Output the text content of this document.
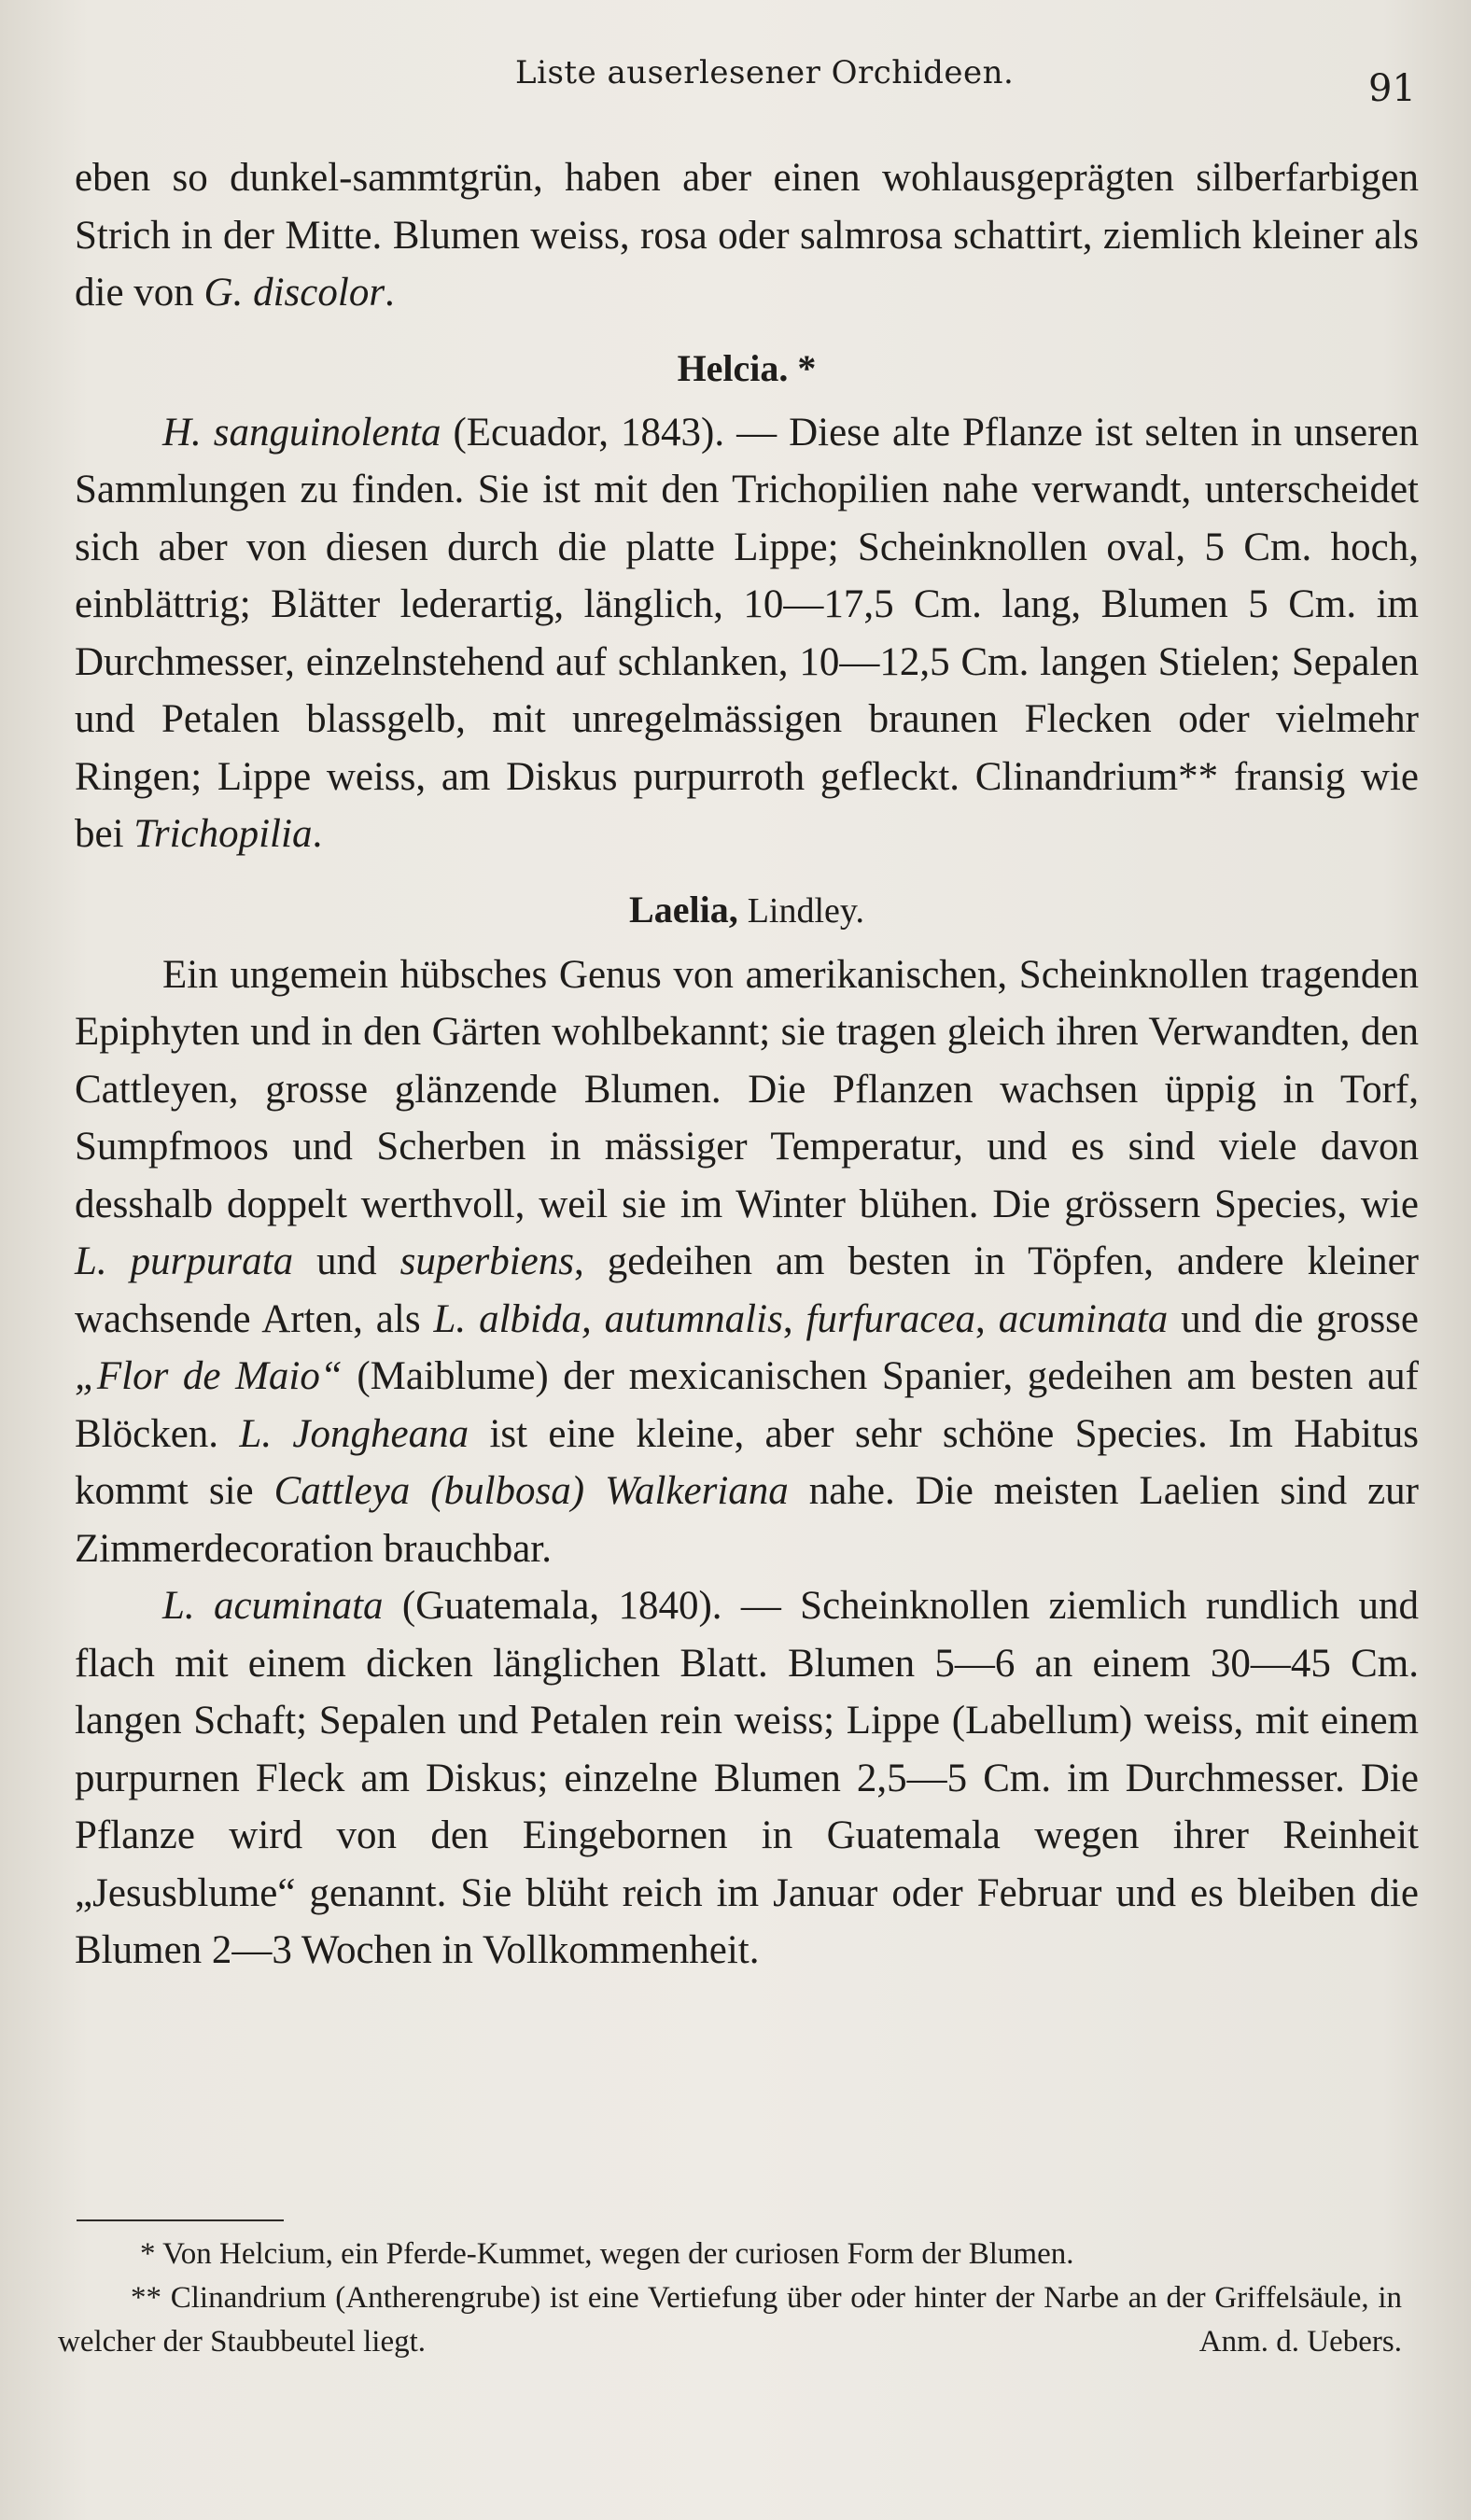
Liste auserlesener Orchideen.	91

eben so dunkel-sammtgrün, haben aber einen wohlausgeprägten silberfarbigen Strich in der Mitte. Blumen weiss, rosa oder salmrosa schattirt, ziemlich kleiner als die von G. discolor.

Helcia. *

H. sanguinolenta (Ecuador, 1843). — Diese alte Pflanze ist selten in unseren Sammlungen zu finden. Sie ist mit den Trichopilien nahe verwandt, unterscheidet sich aber von diesen durch die platte Lippe; Scheinknollen oval, 5 Cm. hoch, einblättrig; Blätter lederartig, länglich, 10—17,5 Cm. lang, Blumen 5 Cm. im Durchmesser, einzelnstehend auf schlanken, 10—12,5 Cm. langen Stielen; Sepalen und Petalen blassgelb, mit unregelmässigen braunen Flecken oder vielmehr Ringen; Lippe weiss, am Diskus purpurroth gefleckt. Clinandrium** fransig wie bei Trichopilia.

Laelia, Lindley.

Ein ungemein hübsches Genus von amerikanischen, Scheinknollen tragenden Epiphyten und in den Gärten wohlbekannt; sie tragen gleich ihren Verwandten, den Cattleyen, grosse glänzende Blumen. Die Pflanzen wachsen üppig in Torf, Sumpfmoos und Scherben in mässiger Temperatur, und es sind viele davon desshalb doppelt werthvoll, weil sie im Winter blühen. Die grössern Species, wie L. purpurata und superbiens, gedeihen am besten in Töpfen, andere kleiner wachsende Arten, als L. albida, autumnalis, furfuracea, acuminata und die grosse „Flor de Maio“ (Maiblume) der mexicanischen Spanier, gedeihen am besten auf Blöcken. L. Jongheana ist eine kleine, aber sehr schöne Species. Im Habitus kommt sie Cattleya (bulbosa) Walkeriana nahe. Die meisten Laelien sind zur Zimmerdecoration brauchbar.

L. acuminata (Guatemala, 1840). — Scheinknollen ziemlich rundlich und flach mit einem dicken länglichen Blatt. Blumen 5—6 an einem 30—45 Cm. langen Schaft; Sepalen und Petalen rein weiss; Lippe (Labellum) weiss, mit einem purpurnen Fleck am Diskus; einzelne Blumen 2,5—5 Cm. im Durchmesser. Die Pflanze wird von den Eingebornen in Guatemala wegen ihrer Reinheit „Jesusblume“ genannt. Sie blüht reich im Januar oder Februar und es bleiben die Blumen 2—3 Wochen in Vollkommenheit.

* Von Helcium, ein Pferde-Kummet, wegen der curiosen Form der Blumen.

** Clinandrium (Antherengrube) ist eine Vertiefung über oder hinter der Narbe an der Griffelsäule, in welcher der Staubbeutel liegt.	Anm. d. Uebers.
